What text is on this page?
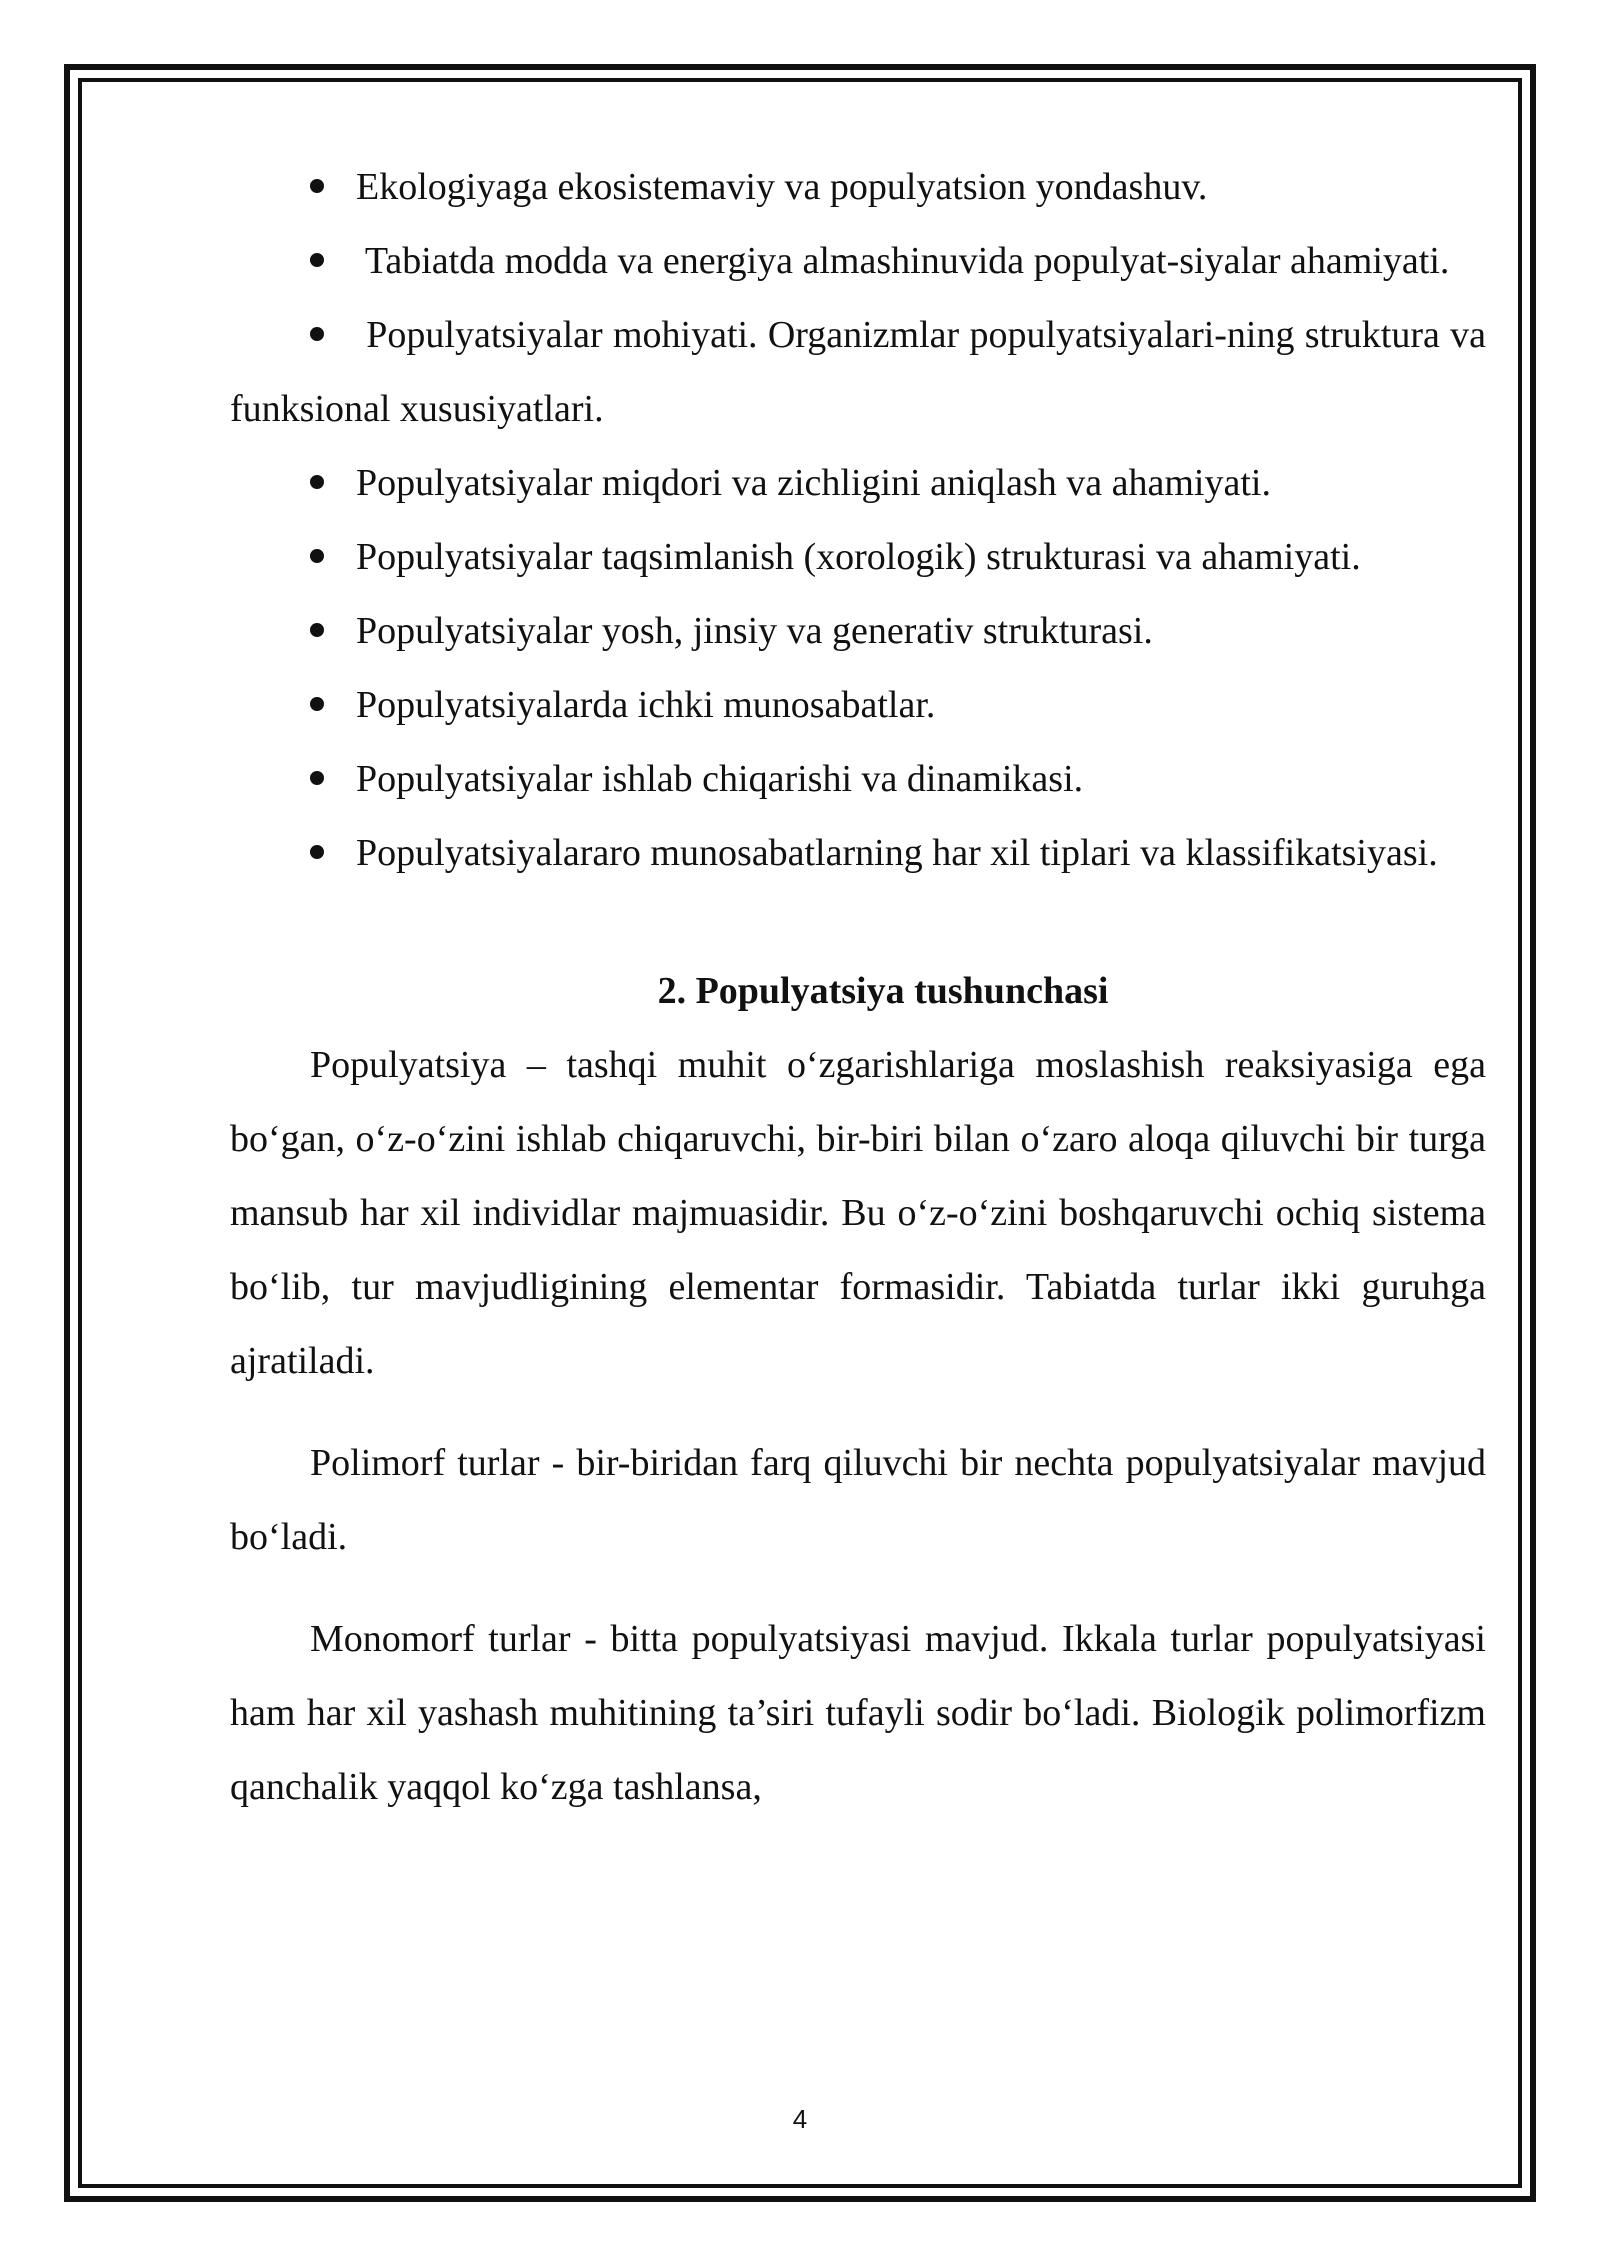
Ekologiyaga ekosistemaviy va populyatsion yondashuv.

Tabiatda modda va energiya almashinuvida populyat-siyalar ahamiyati.

Populyatsiyalar mohiyati. Organizmlar populyatsiyalari-ning struktura va funksional xususiyatlari.

Populyatsiyalar miqdori va zichligini aniqlash va ahamiyati.

Populyatsiyalar taqsimlanish (xorologik) strukturasi va ahamiyati.

Populyatsiyalar yosh, jinsiy va generativ strukturasi.

Populyatsiyalarda ichki munosabatlar.

Populyatsiyalar ishlab chiqarishi va dinamikasi.

Populyatsiyalararo munosabatlarning har xil tiplari va klassifikatsiyasi.

2. Populyatsiya tushunchasi

Populyatsiya – tashqi muhit o‘zgarishlariga moslashish reaksiyasiga ega bo‘gan, o‘z-o‘zini ishlab chiqaruvchi, bir-biri bilan o‘zaro aloqa qiluvchi bir turga mansub har xil individlar majmuasidir. Bu o‘z-o‘zini boshqaruvchi ochiq sistema bo‘lib, tur mavjudligining elementar formasidir. Tabiatda turlar ikki guruhga ajratiladi.

Polimorf turlar - bir-biridan farq qiluvchi bir nechta populyatsiyalar mavjud bo‘ladi.

Monomorf turlar - bitta populyatsiyasi mavjud. Ikkala turlar populyatsiyasi ham har xil yashash muhitining ta’siri tufayli sodir bo‘ladi. Biologik polimorfizm qanchalik yaqqol ko‘zga tashlansa,

4
